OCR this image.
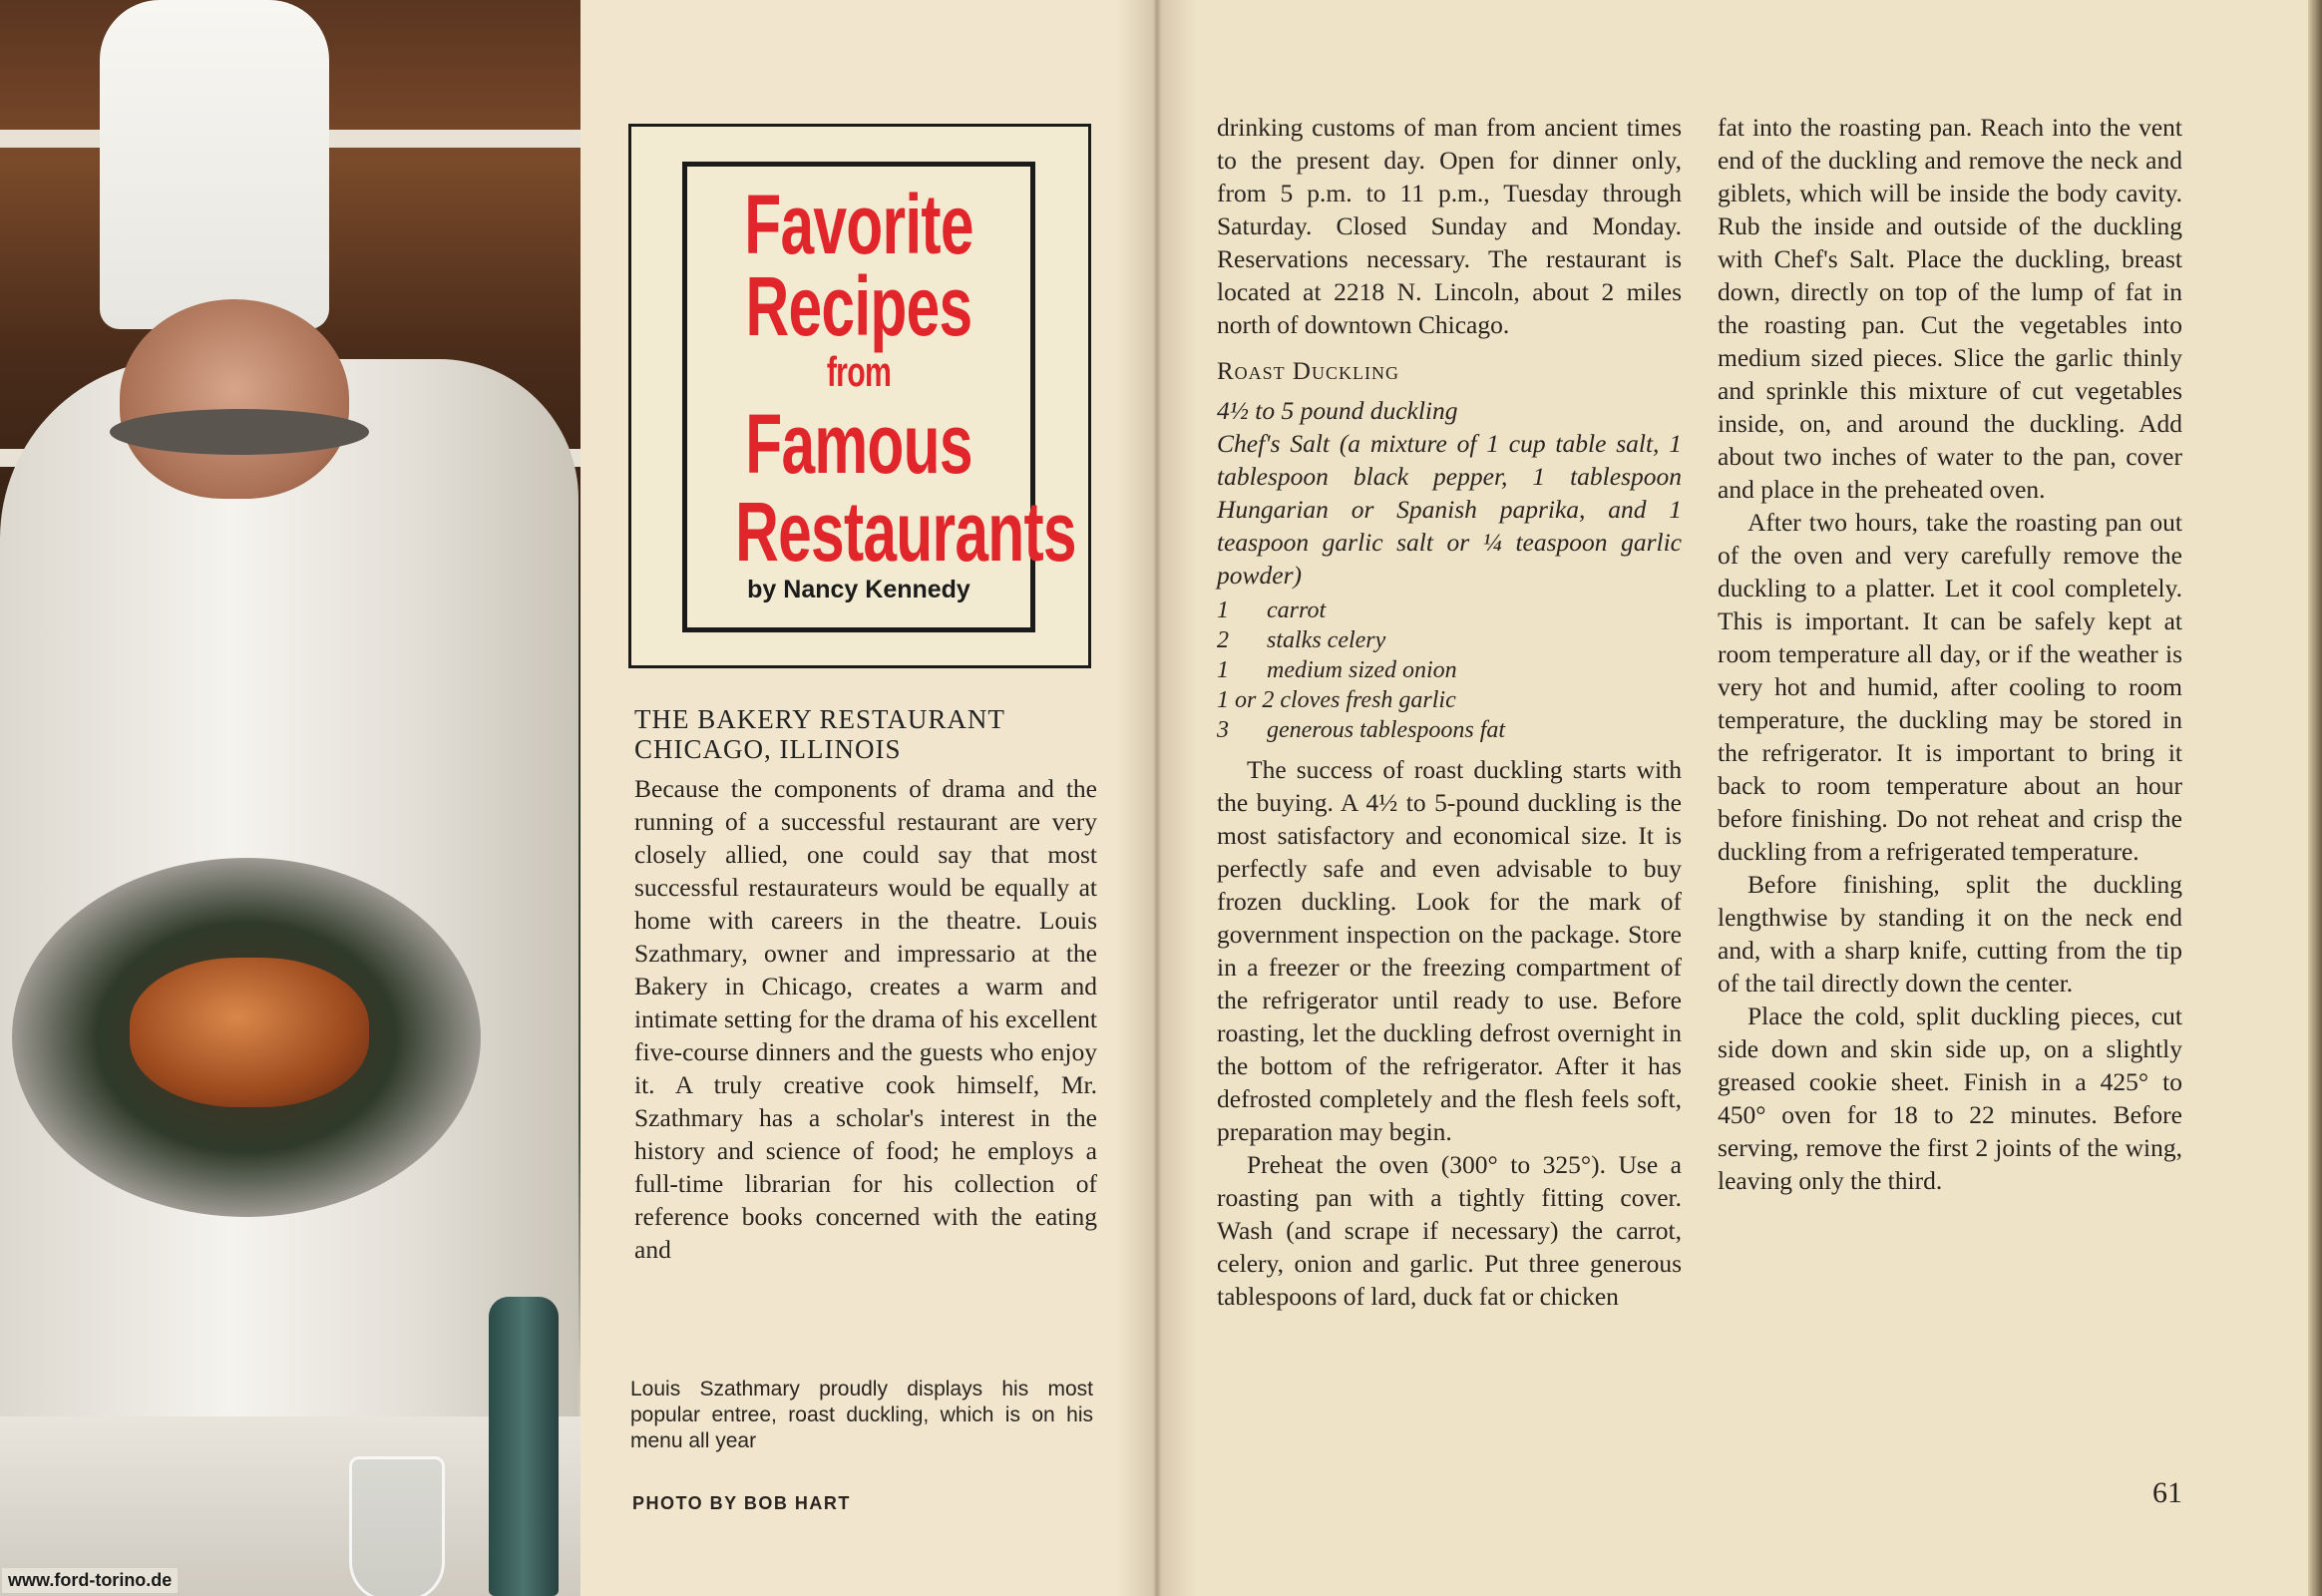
www.ford-torino.de
Favorite
Recipes
from
Famous
Restaurants
by Nancy Kennedy

THE BAKERY RESTAURANT

CHICAGO, ILLINOIS

Because the components of drama and the running of a successful restaurant are very closely allied, one could say that most successful restaurateurs would be equally at home with careers in the theatre. Louis Szathmary, owner and impressario at the Bakery in Chicago, creates a warm and intimate setting for the drama of his excellent five-course dinners and the guests who enjoy it. A truly creative cook himself, Mr. Szathmary has a scholar's interest in the history and science of food; he employs a full-time librarian for his collection of reference books concerned with the eating and

Louis Szathmary proudly displays his most popular entree, roast duckling, which is on his menu all year
PHOTO BY BOB HART

drinking customs of man from ancient times to the present day. Open for dinner only, from 5 p.m. to 11 p.m., Tuesday through Saturday. Closed Sunday and Monday. Reservations necessary. The restaurant is located at 2218 N. Lincoln, about 2 miles north of downtown Chicago.

Roast Duckling

4½ to 5 pound duckling

Chef's Salt (a mixture of 1 cup table salt, 1 tablespoon black pepper, 1 tablespoon Hungarian or Spanish paprika, and 1 teaspoon garlic salt or ¼ teaspoon garlic powder)

1	carrot
2	stalks celery
1	medium sized onion
1 or 2 cloves fresh garlic
3	generous tablespoons fat

The success of roast duckling starts with the buying. A 4½ to 5-pound duckling is the most satisfactory and economical size. It is perfectly safe and even advisable to buy frozen duckling. Look for the mark of government inspection on the package. Store in a freezer or the freezing compartment of the refrigerator until ready to use. Before roasting, let the duckling defrost overnight in the bottom of the refrigerator. After it has defrosted completely and the flesh feels soft, preparation may begin.

Preheat the oven (300° to 325°). Use a roasting pan with a tightly fitting cover. Wash (and scrape if necessary) the carrot, celery, onion and garlic. Put three generous tablespoons of lard, duck fat or chicken

fat into the roasting pan. Reach into the vent end of the duckling and remove the neck and giblets, which will be inside the body cavity. Rub the inside and outside of the duckling with Chef's Salt. Place the duckling, breast down, directly on top of the lump of fat in the roasting pan. Cut the vegetables into medium sized pieces. Slice the garlic thinly and sprinkle this mixture of cut vegetables inside, on, and around the duckling. Add about two inches of water to the pan, cover and place in the preheated oven.

After two hours, take the roasting pan out of the oven and very carefully remove the duckling to a platter. Let it cool completely. This is important. It can be safely kept at room temperature all day, or if the weather is very hot and humid, after cooling to room temperature, the duckling may be stored in the refrigerator. It is important to bring it back to room temperature about an hour before finishing. Do not reheat and crisp the duckling from a refrigerated temperature.

Before finishing, split the duckling lengthwise by standing it on the neck end and, with a sharp knife, cutting from the tip of the tail directly down the center.

Place the cold, split duckling pieces, cut side down and skin side up, on a slightly greased cookie sheet. Finish in a 425° to 450° oven for 18 to 22 minutes. Before serving, remove the first 2 joints of the wing, leaving only the third.

61
